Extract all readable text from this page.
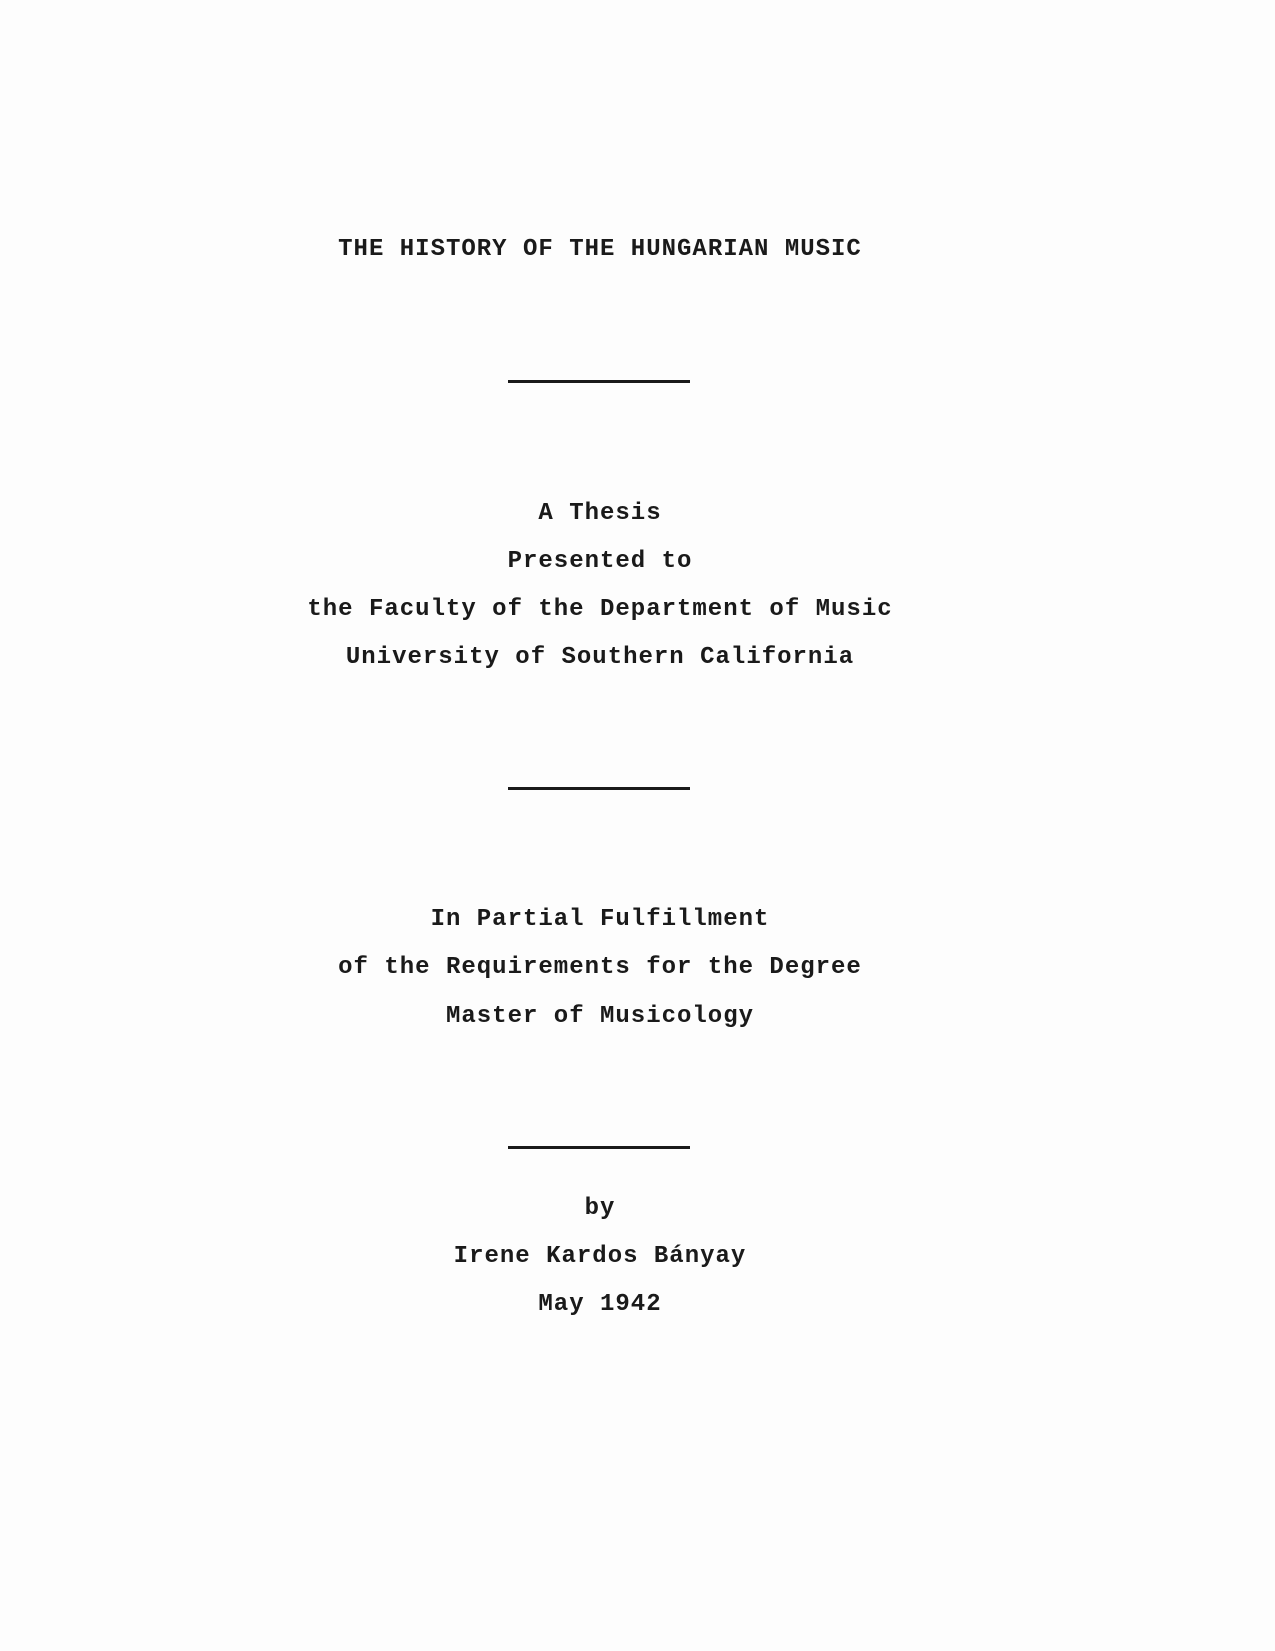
THE HISTORY OF THE HUNGARIAN MUSIC
A Thesis
Presented to
the Faculty of the Department of Music
University of Southern California
In Partial Fulfillment
of the Requirements for the Degree
Master of Musicology
by
Irene Kardos Bányay
May 1942
